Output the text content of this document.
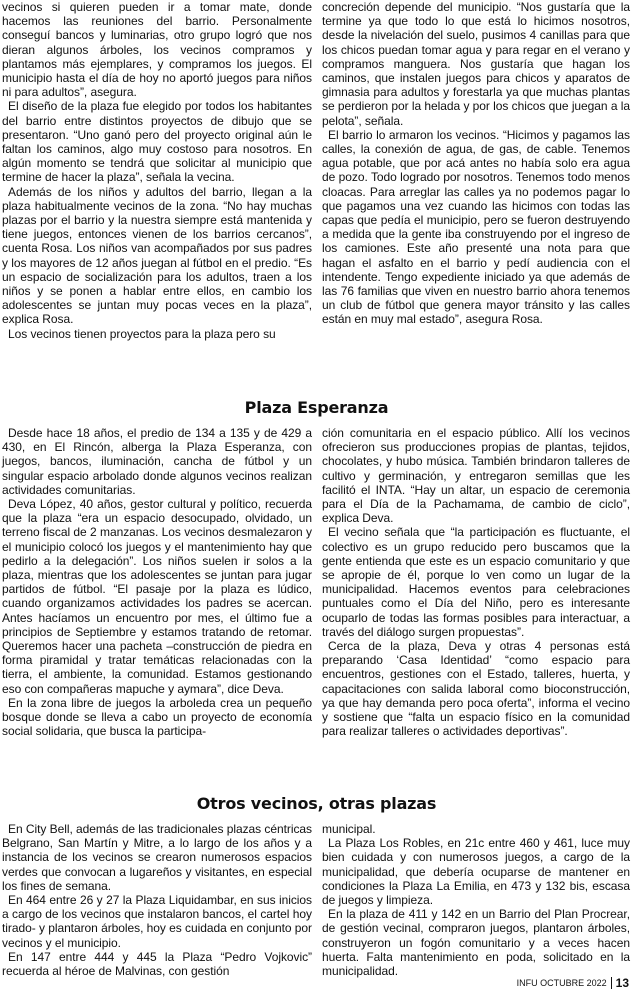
vecinos si quieren pueden ir a tomar mate, donde hacemos las reuniones del barrio. Personalmente conseguí bancos y luminarias, otro grupo logró que nos dieran algunos árboles, los vecinos compramos y plantamos más ejemplares, y compramos los juegos. El municipio hasta el día de hoy no aportó juegos para niños ni para adultos”, asegura.

El diseño de la plaza fue elegido por todos los habitantes del barrio entre distintos proyectos de dibujo que se presentaron. “Uno ganó pero del proyecto original aún le faltan los caminos, algo muy costoso para nosotros. En algún momento se tendrá que solicitar al municipio que termine de hacer la plaza”, señala la vecina.

Además de los niños y adultos del barrio, llegan a la plaza habitualmente vecinos de la zona. “No hay muchas plazas por el barrio y la nuestra siempre está mantenida y tiene juegos, entonces vienen de los barrios cercanos”, cuenta Rosa. Los niños van acompañados por sus padres y los mayores de 12 años juegan al fútbol en el predio. “Es un espacio de socialización para los adultos, traen a los niños y se ponen a hablar entre ellos, en cambio los adolescentes se juntan muy pocas veces en la plaza”, explica Rosa.

Los vecinos tienen proyectos para la plaza pero su

concreción depende del municipio. “Nos gustaría que la termine ya que todo lo que está lo hicimos nosotros, desde la nivelación del suelo, pusimos 4 canillas para que los chicos puedan tomar agua y para regar en el verano y compramos manguera. Nos gustaría que hagan los caminos, que instalen juegos para chicos y aparatos de gimnasia para adultos y forestarla ya que muchas plantas se perdieron por la helada y por los chicos que juegan a la pelota”, señala.

El barrio lo armaron los vecinos. “Hicimos y pagamos las calles, la conexión de agua, de gas, de cable. Tenemos agua potable, que por acá antes no había solo era agua de pozo. Todo logrado por nosotros. Tenemos todo menos cloacas. Para arreglar las calles ya no podemos pagar lo que pagamos una vez cuando las hicimos con todas las capas que pedía el municipio, pero se fueron destruyendo a medida que la gente iba construyendo por el ingreso de los camiones. Este año presenté una nota para que hagan el asfalto en el barrio y pedí audiencia con el intendente. Tengo expediente iniciado ya que además de las 76 familias que viven en nuestro barrio ahora tenemos un club de fútbol que genera mayor tránsito y las calles están en muy mal estado”, asegura Rosa.

Plaza Esperanza

Desde hace 18 años, el predio de 134 a 135 y de 429 a 430, en El Rincón, alberga la Plaza Esperanza, con juegos, bancos, iluminación, cancha de fútbol y un singular espacio arbolado donde algunos vecinos realizan actividades comunitarias.

Deva López, 40 años, gestor cultural y político, recuerda que la plaza “era un espacio desocupado, olvidado, un terreno fiscal de 2 manzanas. Los vecinos desmalezaron y el municipio colocó los juegos y el mantenimiento hay que pedirlo a la delegación”. Los niños suelen ir solos a la plaza, mientras que los adolescentes se juntan para jugar partidos de fútbol. “El pasaje por la plaza es lúdico, cuando organizamos actividades los padres se acercan. Antes hacíamos un encuentro por mes, el último fue a principios de Septiembre y estamos tratando de retomar. Queremos hacer una pacheta –construcción de piedra en forma piramidal y tratar temáticas relacionadas con la tierra, el ambiente, la comunidad. Estamos gestionando eso con compañeras mapuche y aymara”, dice Deva.

En la zona libre de juegos la arboleda crea un pequeño bosque donde se lleva a cabo un proyecto de economía social solidaria, que busca la participa-

ción comunitaria en el espacio público. Allí los vecinos ofrecieron sus producciones propias de plantas, tejidos, chocolates, y hubo música. También brindaron talleres de cultivo y germinación, y entregaron semillas que les facilitó el INTA. “Hay un altar, un espacio de ceremonia para el Día de la Pachamama, de cambio de ciclo”, explica Deva.

El vecino señala que “la participación es fluctuante, el colectivo es un grupo reducido pero buscamos que la gente entienda que este es un espacio comunitario y que se apropie de él, porque lo ven como un lugar de la municipalidad. Hacemos eventos para celebraciones puntuales como el Día del Niño, pero es interesante ocuparlo de todas las formas posibles para interactuar, a través del diálogo surgen propuestas”.

Cerca de la plaza, Deva y otras 4 personas está preparando ‘Casa Identidad’ “como espacio para encuentros, gestiones con el Estado, talleres, huerta, y capacitaciones con salida laboral como bioconstrucción, ya que hay demanda pero poca oferta”, informa el vecino y sostiene que “falta un espacio físico en la comunidad para realizar talleres o actividades deportivas”.

Otros vecinos, otras plazas

En City Bell, además de las tradicionales plazas céntricas Belgrano, San Martín y Mitre, a lo largo de los años y a instancia de los vecinos se crearon numerosos espacios verdes que convocan a lugareños y visitantes, en especial los fines de semana.

En 464 entre 26 y 27 la Plaza Liquidambar, en sus inicios a cargo de los vecinos que instalaron bancos, el cartel hoy tirado- y plantaron árboles, hoy es cuidada en conjunto por vecinos y el municipio.

En 147 entre 444 y 445 la Plaza “Pedro Vojkovic” recuerda al héroe de Malvinas, con gestión

municipal.

La Plaza Los Robles, en 21c entre 460 y 461, luce muy bien cuidada y con numerosos juegos, a cargo de la municipalidad, que debería ocuparse de mantener en condiciones la Plaza La Emilia, en 473 y 132 bis, escasa de juegos y limpieza.

En la plaza de 411 y 142 en un Barrio del Plan Procrear, de gestión vecinal, compraron juegos, plantaron árboles, construyeron un fogón comunitario y a veces hacen huerta. Falta mantenimiento en poda, solicitado en la municipalidad.

INFU OCTUBRE 2022 13
